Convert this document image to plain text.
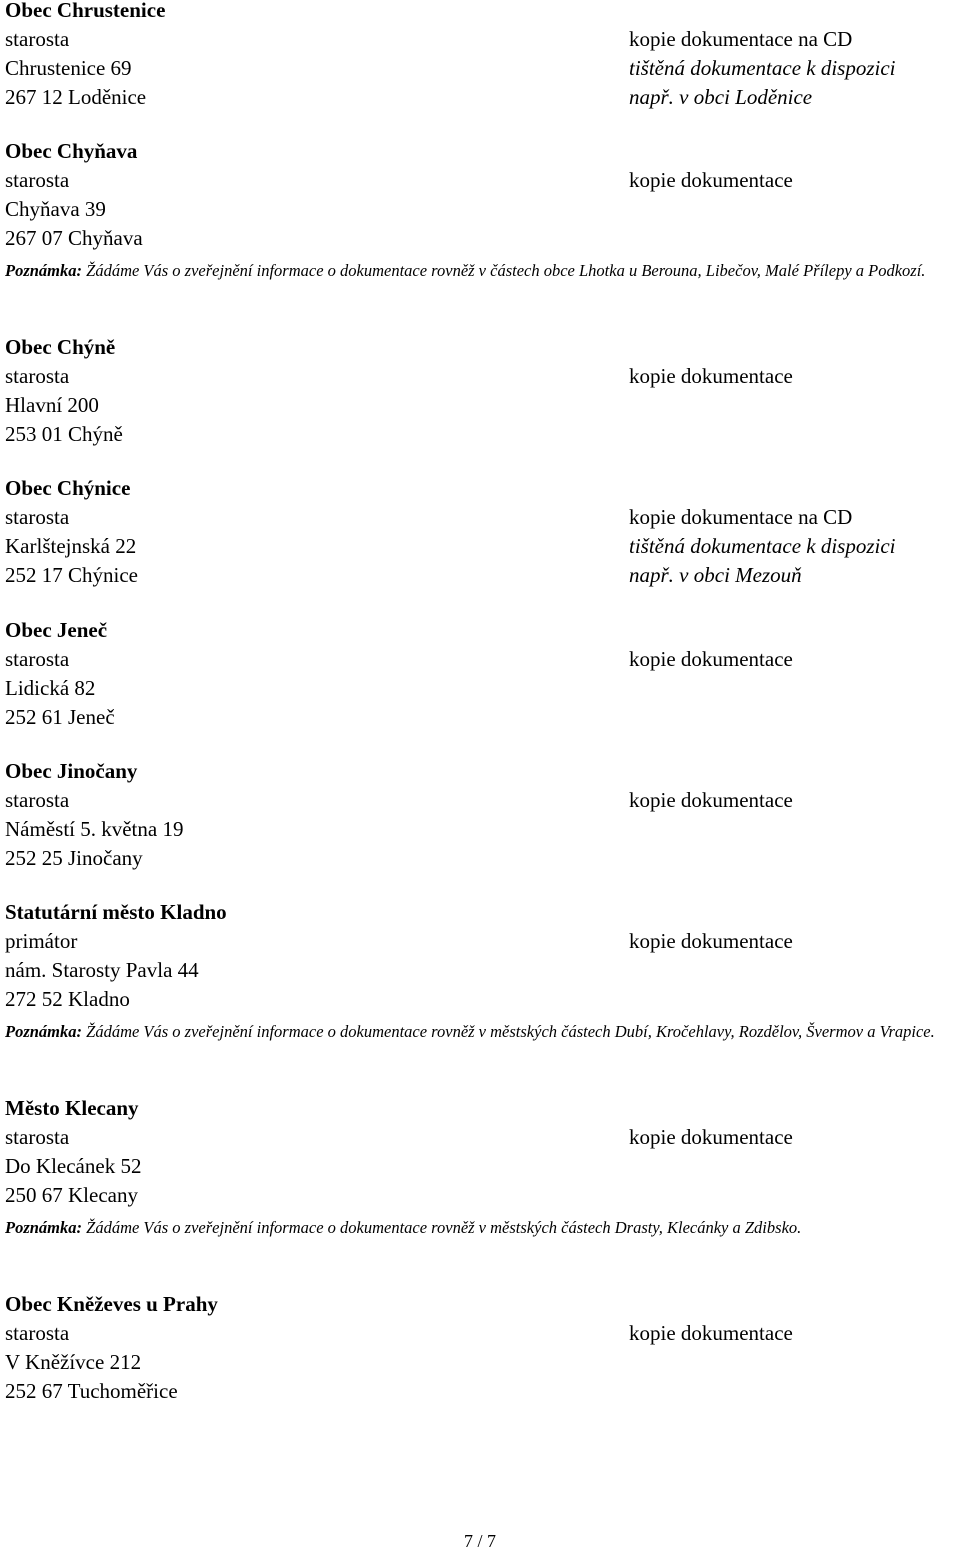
Obec Chrustenice
starosta	kopie dokumentace na CD
Chrustenice 69	tištěná dokumentace k dispozici
267 12 Loděnice	např. v obci Loděnice
Obec Chyňava
starosta	kopie dokumentace
Chyňava 39
267 07 Chyňava
Poznámka: Žádáme Vás o zveřejnění informace o dokumentace rovněž v částech obce Lhotka u Berouna, Libečov, Malé Přílepy a Podkozí.
Obec Chýně
starosta	kopie dokumentace
Hlavní 200
253 01 Chýně
Obec Chýnice
starosta	kopie dokumentace na CD
Karlštejnská 22	tištěná dokumentace k dispozici
252 17 Chýnice	např. v obci Mezouň
Obec Jeneč
starosta	kopie dokumentace
Lidická 82
252 61 Jeneč
Obec Jinočany
starosta	kopie dokumentace
Náměstí 5. května 19
252 25 Jinočany
Statutární město Kladno
primátor	kopie dokumentace
nám. Starosty Pavla 44
272 52 Kladno
Poznámka: Žádáme Vás o zveřejnění informace o dokumentace rovněž v městských částech Dubí, Kročehlavy, Rozdělov, Švermov a Vrapice.
Město Klecany
starosta	kopie dokumentace
Do Klecánek 52
250 67 Klecany
Poznámka: Žádáme Vás o zveřejnění informace o dokumentace rovněž v městských částech Drasty, Klecánky a Zdibsko.
Obec Kněževes u Prahy
starosta	kopie dokumentace
V Kněžívce 212
252 67 Tuchoměřice
7 / 7
